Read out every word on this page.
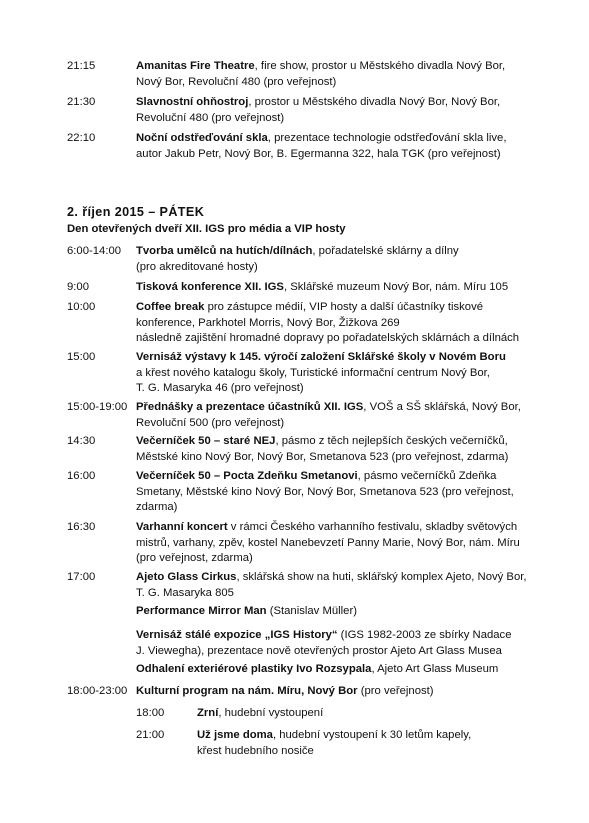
21:15	Amanitas Fire Theatre, fire show, prostor u Městského divadla Nový Bor,
Nový Bor, Revoluční 480 (pro veřejnost)
21:30	Slavnostní ohňostroj, prostor u Městského divadla Nový Bor, Nový Bor,
Revoluční 480 (pro veřejnost)
22:10	Noční odstřeďování skla, prezentace technologie odstřeďování skla live,
autor Jakub Petr, Nový Bor, B. Egermanna 322, hala TGK (pro veřejnost)
2. říjen 2015 – PÁTEK
Den otevřených dveří XII. IGS pro média a VIP hosty
6:00-14:00	Tvorba umělců na hutích/dílnách, pořadatelské sklárny a dílny
(pro akreditované hosty)
9:00	Tisková konference XII. IGS, Sklářské muzeum Nový Bor, nám. Míru 105
10:00	Coffee break pro zástupce médií, VIP hosty a další účastníky tiskové
konference, Parkhotel Morris, Nový Bor, Žižkova 269
následně zajištění hromadné dopravy po pořadatelských sklárnách a dílnách
15:00	Vernisáž výstavy k 145. výročí založení Sklářské školy v Novém Boru
a křest nového katalogu školy, Turistické informační centrum Nový Bor,
T. G. Masaryka 46 (pro veřejnost)
15:00-19:00 Přednášky a prezentace účastníků XII. IGS, VOŠ a SŠ sklářská, Nový Bor,
Revoluční 500 (pro veřejnost)
14:30	Večerníček 50 – staré NEJ, pásmo z těch nejlepších českých večerníčků,
Městské kino Nový Bor, Nový Bor, Smetanova 523 (pro veřejnost, zdarma)
16:00	Večerníček 50 – Pocta Zdeňku Smetanovi, pásmo večerníčků Zdeňka
Smetany, Městské kino Nový Bor, Nový Bor, Smetanova 523 (pro veřejnost,
zdarma)
16:30	Varhanní koncert v rámci Českého varhanního festivalu, skladby světových
mistrů, varhany, zpěv, kostel Nanebevzetí Panny Marie, Nový Bor, nám. Míru
(pro veřejnost, zdarma)
17:00	Ajeto Glass Cirkus, sklářská show na huti, sklářský komplex Ajeto, Nový Bor,
T. G. Masaryka 805
Performance Mirror Man (Stanislav Müller)
Vernisáž stálé expozice „IGS History“ (IGS 1982-2003 ze sbírky Nadace
J. Viewegha), prezentace nově otevřených prostor Ajeto Art Glass Musea
Odhalení exteriérové plastiky Ivo Rozsypala, Ajeto Art Glass Museum
18:00-23:00 Kulturní program na nám. Míru, Nový Bor (pro veřejnost)
18:00	Zrní, hudební vystoupení
21:00	Už jsme doma, hudební vystoupení k 30 letům kapely,
křest hudebního nosiče
